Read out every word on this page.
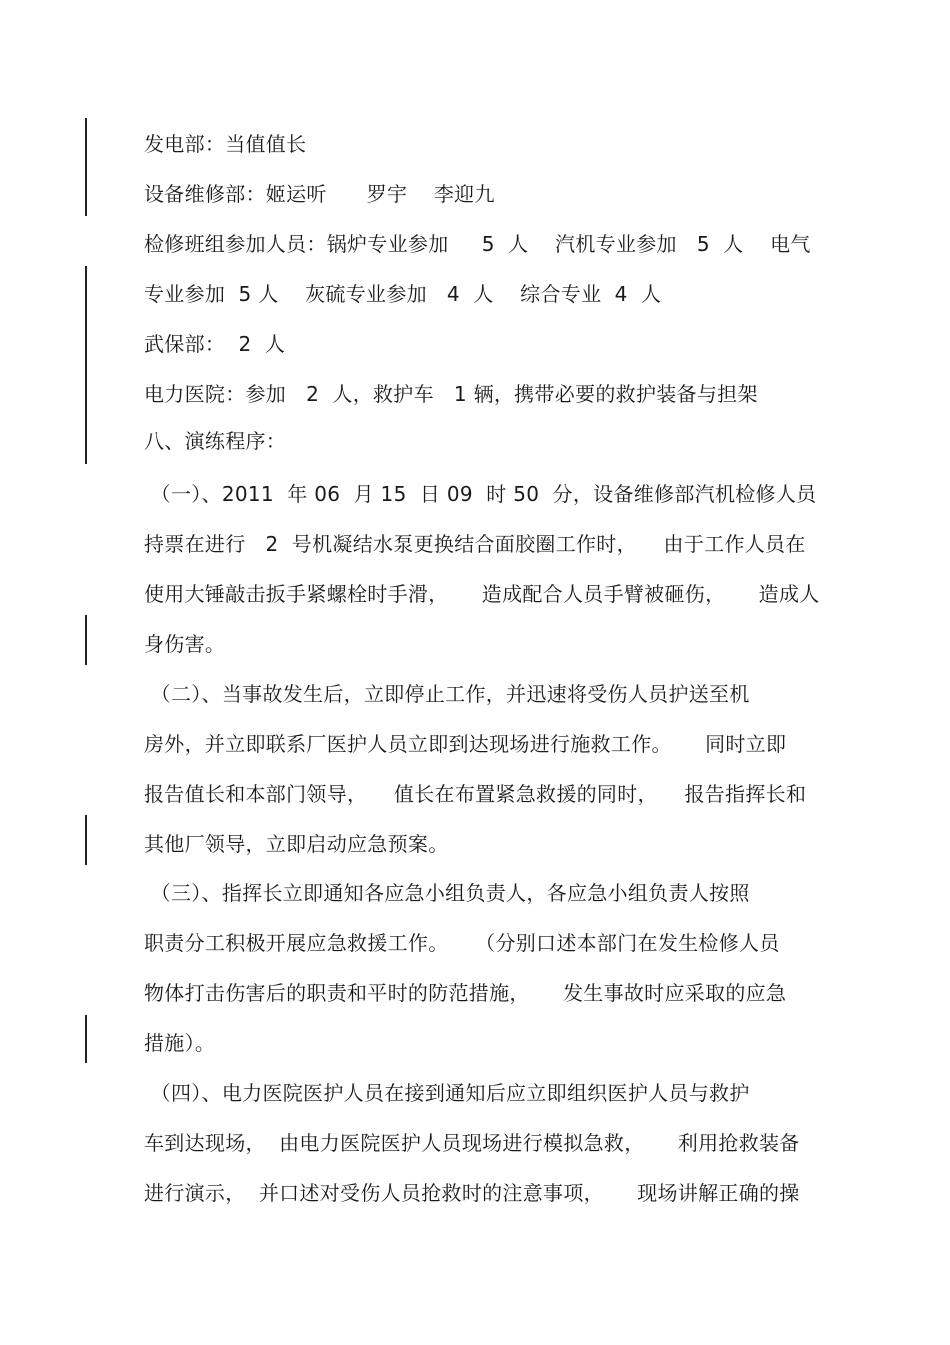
发电部：当值值长
设备维修部：姬运听      罗宇    李迎九
检修班组参加人员：锅炉专业参加     5  人    汽机专业参加   5  人    电气
专业参加  5 人    灰硫专业参加   4  人    综合专业  4  人
武保部：  2  人
电力医院：参加   2  人，救护车   1 辆，携带必要的救护装备与担架
八、演练程序：
（一）、2011  年 06  月 15  日 09  时 50  分，设备维修部汽机检修人员
持票在进行   2  号机凝结水泵更换结合面胶圈工作时，    由于工作人员在
使用大锤敲击扳手紧螺栓时手滑，     造成配合人员手臂被砸伤，     造成人
身伤害。
（二）、当事故发生后，立即停止工作，并迅速将受伤人员护送至机
房外，并立即联系厂医护人员立即到达现场进行施救工作。     同时立即
报告值长和本部门领导，    值长在布置紧急救援的同时，    报告指挥长和
其他厂领导，立即启动应急预案。
（三）、指挥长立即通知各应急小组负责人，各应急小组负责人按照
职责分工积极开展应急救援工作。    （分别口述本部门在发生检修人员
物体打击伤害后的职责和平时的防范措施，     发生事故时应采取的应急
措施）。
（四）、电力医院医护人员在接到通知后应立即组织医护人员与救护
车到达现场，  由电力医院医护人员现场进行模拟急救，     利用抢救装备
进行演示，  并口述对受伤人员抢救时的注意事项，     现场讲解正确的操
